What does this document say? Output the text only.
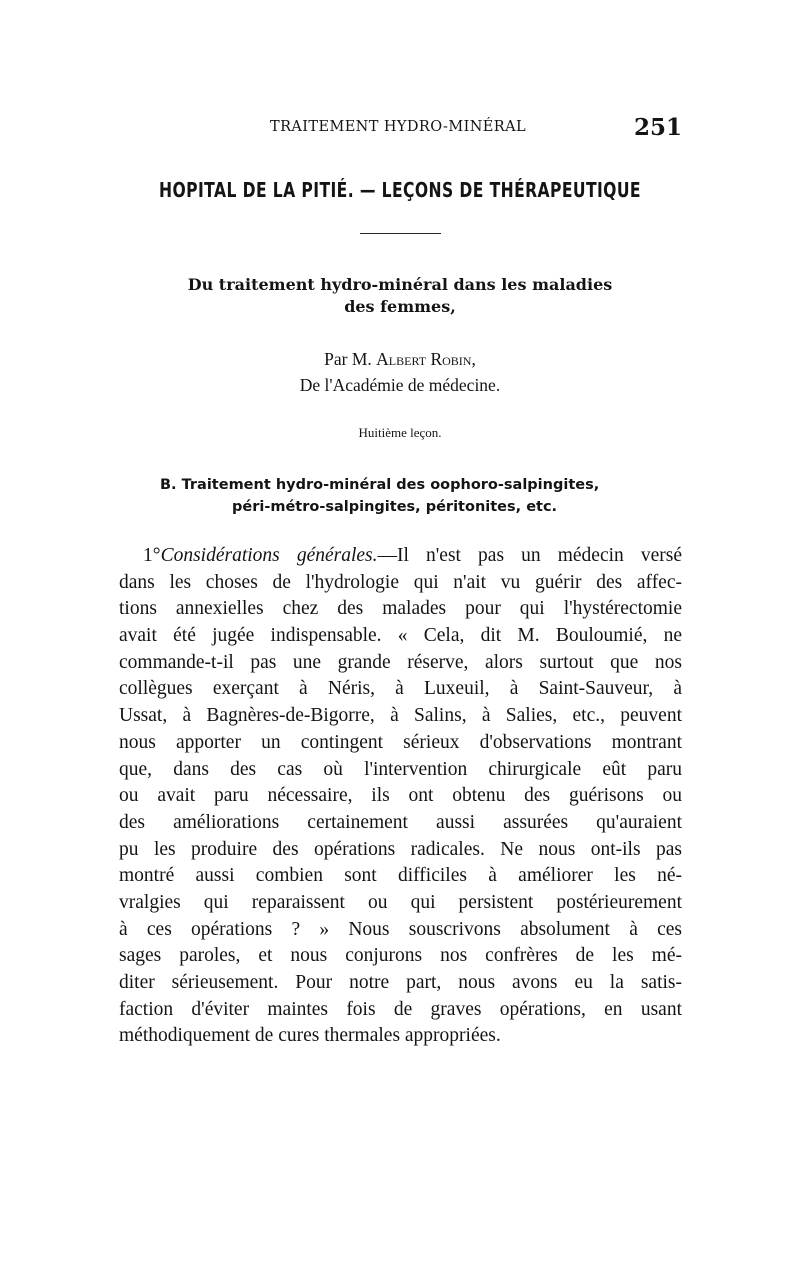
TRAITEMENT HYDRO-MINÉRAL	251
HOPITAL DE LA PITIÉ. — LEÇONS DE THÉRAPEUTIQUE
Du traitement hydro-minéral dans les maladies
des femmes,
Par M. Albert Robin,
De l'Académie de médecine.
Huitième leçon.
B. Traitement hydro-minéral des oophoro-salpingites,
péri-métro-salpingites, péritonites, etc.
1°Considérations générales.—Il n'est pas un médecin versé
dans les choses de l'hydrologie qui n'ait vu guérir des affec-
tions annexielles chez des malades pour qui l'hystérectomie
avait été jugée indispensable. « Cela, dit M. Bouloumié, ne
commande-t-il pas une grande réserve, alors surtout que nos
collègues exerçant à Néris, à Luxeuil, à Saint-Sauveur, à
Ussat, à Bagnères-de-Bigorre, à Salins, à Salies, etc., peuvent
nous apporter un contingent sérieux d'observations montrant
que, dans des cas où l'intervention chirurgicale eût paru
ou avait paru nécessaire, ils ont obtenu des guérisons ou
des améliorations certainement aussi assurées qu'auraient
pu les produire des opérations radicales. Ne nous ont-ils pas
montré aussi combien sont difficiles à améliorer les né-
vralgies qui reparaissent ou qui persistent postérieurement
à ces opérations ? » Nous souscrivons absolument à ces
sages paroles, et nous conjurons nos confrères de les mé-
diter sérieusement. Pour notre part, nous avons eu la satis-
faction d'éviter maintes fois de graves opérations, en usant
méthodiquement de cures thermales appropriées.
